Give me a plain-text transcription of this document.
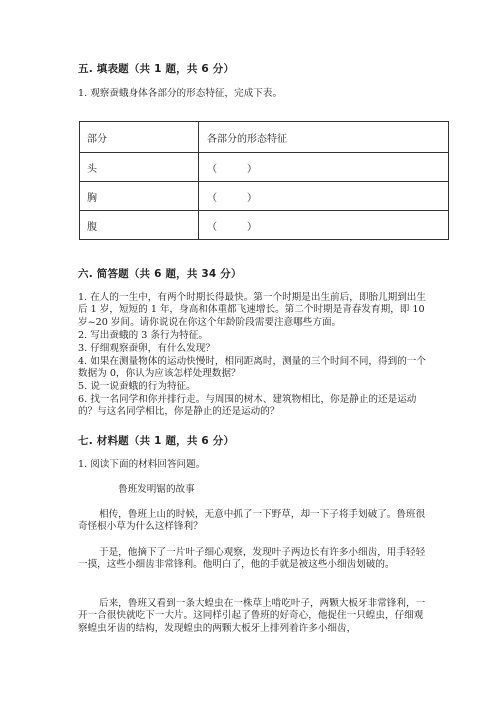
五. 填表题（共 1 题，共 6 分）

1. 观察蚕蛾身体各部分的形态特征，完成下表。

部分	各部分的形态特征
头	（　　　）
胸	（　　　）
腹	（　　　）
六. 简答题（共 6 题，共 34 分）

1. 在人的一生中，有两个时期长得最快。第一个时期是出生前后，即胎儿期到出生后 1 岁，短短的 1 年，身高和体重都飞速增长。第二个时期是青春发育期，即 10 岁~20 岁间。请你说说在你这个年龄阶段需要注意哪些方面。

2. 写出蚕蛾的 3 条行为特征。

3. 仔细观察蚕卵，有什么发现？

4. 如果在测量物体的运动快慢时，相同距离时，测量的三个时间不同，得到的一个数据为 0，你认为应该怎样处理数据？

5. 说一说蚕蛾的行为特征。

6. 找一名同学和你并排行走。与周围的树木、建筑物相比，你是静止的还是运动的？与这名同学相比，你是静止的还是运动的？

七. 材料题（共 1 题，共 6 分）

1. 阅读下面的材料回答问题。

鲁班发明锯的故事

相传，鲁班上山的时候，无意中抓了一下野草，却一下子将手划破了。鲁班很奇怪根小草为什么这样锋利？

于是，他摘下了一片叶子细心观察，发现叶子两边长有许多小细齿，用手轻轻一摸，这些小细齿非常锋利。他明白了，他的手就是被这些小细齿划破的。

后来，鲁班又看到一条大蝗虫在一株草上啃吃叶子，两颗大板牙非常锋利，一开一合很快就吃下一大片。这同样引起了鲁班的好奇心，他捉住一只蝗虫，仔细观察蝗虫牙齿的结构，发现蝗虫的两颗大板牙上排列着许多小细齿，
